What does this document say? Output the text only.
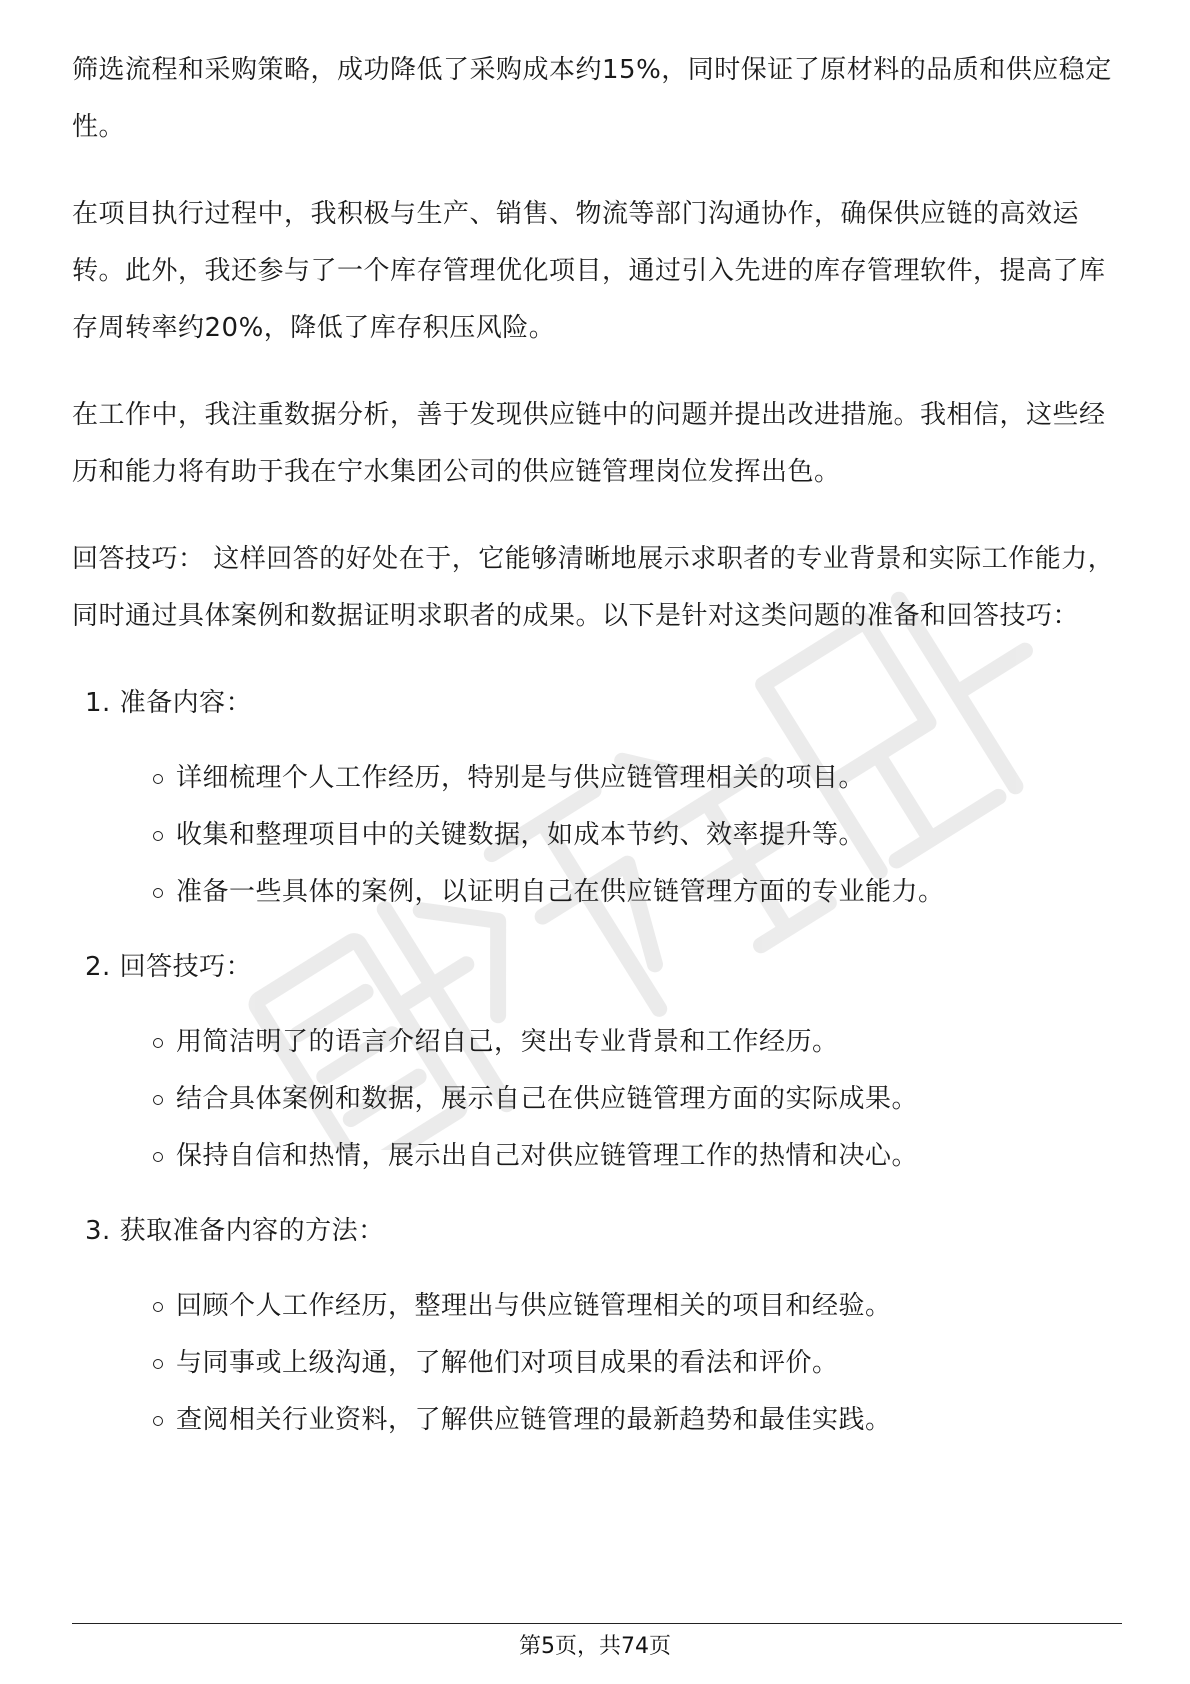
筛选流程和采购策略，成功降低了采购成本约15%，同时保证了原材料的品质和供应稳定性。

在项目执行过程中，我积极与生产、销售、物流等部门沟通协作，确保供应链的高效运转。此外，我还参与了一个库存管理优化项目，通过引入先进的库存管理软件，提高了库存周转率约20%，降低了库存积压风险。

在工作中，我注重数据分析，善于发现供应链中的问题并提出改进措施。我相信，这些经历和能力将有助于我在宁水集团公司的供应链管理岗位发挥出色。

回答技巧： 这样回答的好处在于，它能够清晰地展示求职者的专业背景和实际工作能力，同时通过具体案例和数据证明求职者的成果。以下是针对这类问题的准备和回答技巧：

1. 准备内容：

详细梳理个人工作经历，特别是与供应链管理相关的项目。
收集和整理项目中的关键数据，如成本节约、效率提升等。
准备一些具体的案例，以证明自己在供应链管理方面的专业能力。

2. 回答技巧：

用简洁明了的语言介绍自己，突出专业背景和工作经历。
结合具体案例和数据，展示自己在供应链管理方面的实际成果。
保持自信和热情，展示出自己对供应链管理工作的热情和决心。

3. 获取准备内容的方法：

回顾个人工作经历，整理出与供应链管理相关的项目和经验。
与同事或上级沟通，了解他们对项目成果的看法和评价。
查阅相关行业资料，了解供应链管理的最新趋势和最佳实践。
第5页，共74页
